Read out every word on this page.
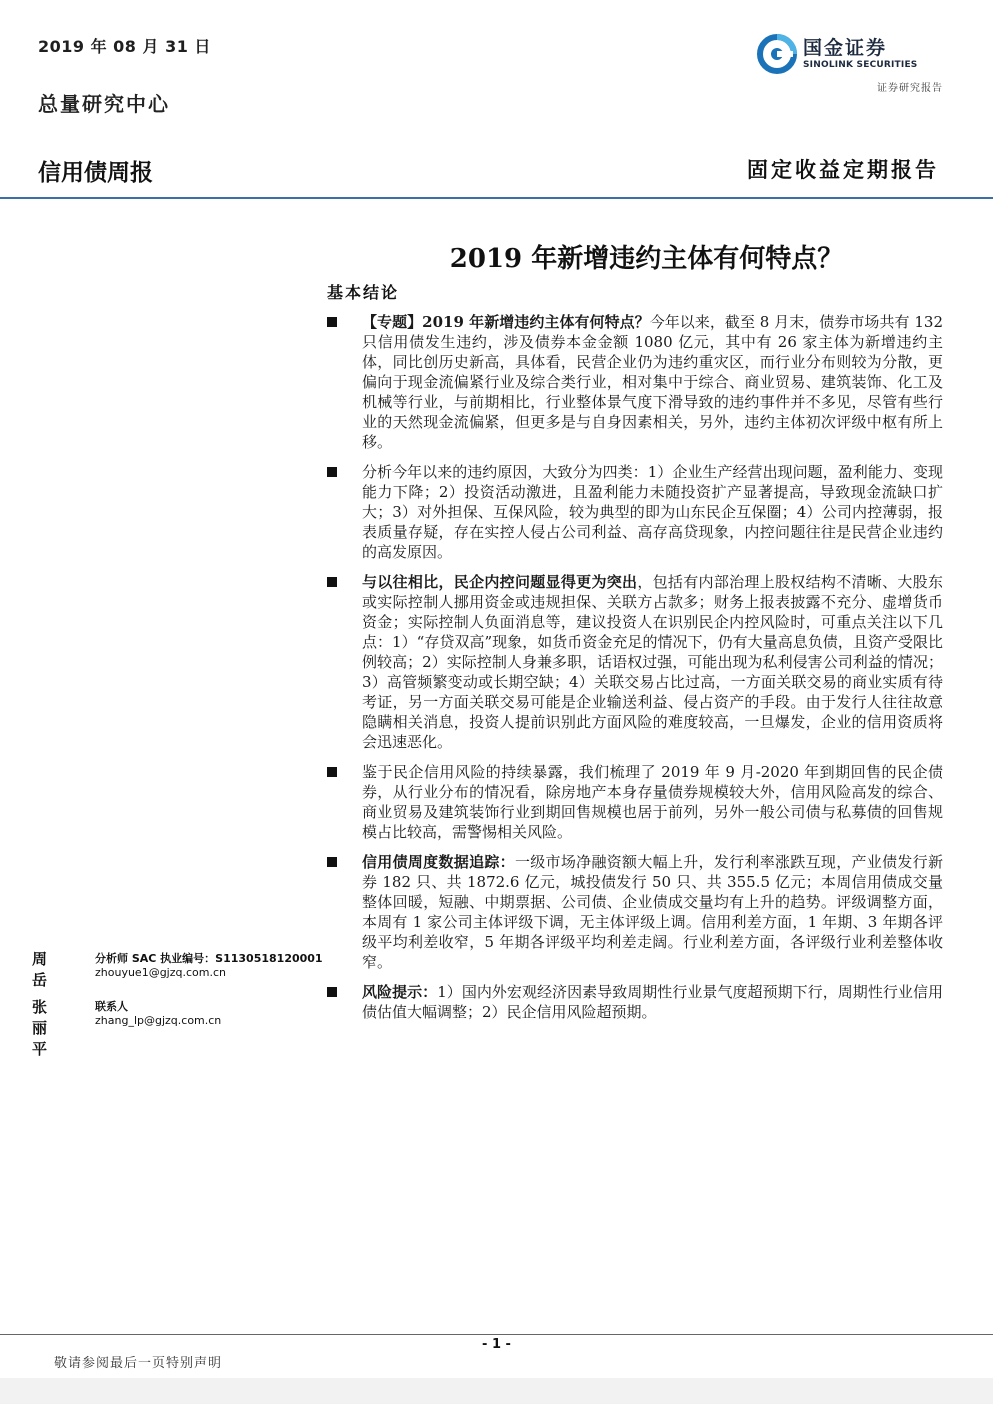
2019 年 08 月 31 日
总量研究中心
信用债周报	固定收益定期报告
国金证券
SINOLINK SECURITIES
证券研究报告
2019 年新增违约主体有何特点？
基本结论
【专题】2019 年新增违约主体有何特点？今年以来，截至 8 月末，债券市场共有 132 只信用债发生违约，涉及债券本金金额 1080 亿元，其中有 26 家主体为新增违约主体，同比创历史新高，具体看，民营企业仍为违约重灾区，而行业分布则较为分散，更偏向于现金流偏紧行业及综合类行业，相对集中于综合、商业贸易、建筑装饰、化工及机械等行业，与前期相比，行业整体景气度下滑导致的违约事件并不多见，尽管有些行业的天然现金流偏紧，但更多是与自身因素相关，另外，违约主体初次评级中枢有所上移。
分析今年以来的违约原因，大致分为四类：1）企业生产经营出现问题，盈利能力、变现能力下降；2）投资活动激进，且盈利能力未随投资扩产显著提高，导致现金流缺口扩大；3）对外担保、互保风险，较为典型的即为山东民企互保圈；4）公司内控薄弱，报表质量存疑，存在实控人侵占公司利益、高存高贷现象，内控问题往往是民营企业违约的高发原因。
与以往相比，民企内控问题显得更为突出，包括有内部治理上股权结构不清晰、大股东或实际控制人挪用资金或违规担保、关联方占款多；财务上报表披露不充分、虚增货币资金；实际控制人负面消息等，建议投资人在识别民企内控风险时，可重点关注以下几点：1）“存贷双高”现象，如货币资金充足的情况下，仍有大量高息负债，且资产受限比例较高；2）实际控制人身兼多职，话语权过强，可能出现为私利侵害公司利益的情况；3）高管频繁变动或长期空缺；4）关联交易占比过高，一方面关联交易的商业实质有待考证，另一方面关联交易可能是企业输送利益、侵占资产的手段。由于发行人往往故意隐瞒相关消息，投资人提前识别此方面风险的难度较高，一旦爆发，企业的信用资质将会迅速恶化。
鉴于民企信用风险的持续暴露，我们梳理了 2019 年 9 月-2020 年到期回售的民企债券，从行业分布的情况看，除房地产本身存量债券规模较大外，信用风险高发的综合、商业贸易及建筑装饰行业到期回售规模也居于前列，另外一般公司债与私募债的回售规模占比较高，需警惕相关风险。
信用债周度数据追踪：一级市场净融资额大幅上升，发行利率涨跌互现，产业债发行新券 182 只、共 1872.6 亿元，城投债发行 50 只、共 355.5 亿元；本周信用债成交量整体回暖，短融、中期票据、公司债、企业债成交量均有上升的趋势。评级调整方面，本周有 1 家公司主体评级下调，无主体评级上调。信用利差方面，1 年期、3 年期各评级平均利差收窄，5 年期各评级平均利差走阔。行业利差方面，各评级行业利差整体收窄。
风险提示：1）国内外宏观经济因素导致周期性行业景气度超预期下行，周期性行业信用债估值大幅调整；2）民企信用风险超预期。
周岳
分析师 SAC 执业编号：S1130518120001
zhouyue1@gjzq.com.cn
张丽平
联系人
zhang_lp@gjzq.com.cn
- 1 -
敬请参阅最后一页特别声明
